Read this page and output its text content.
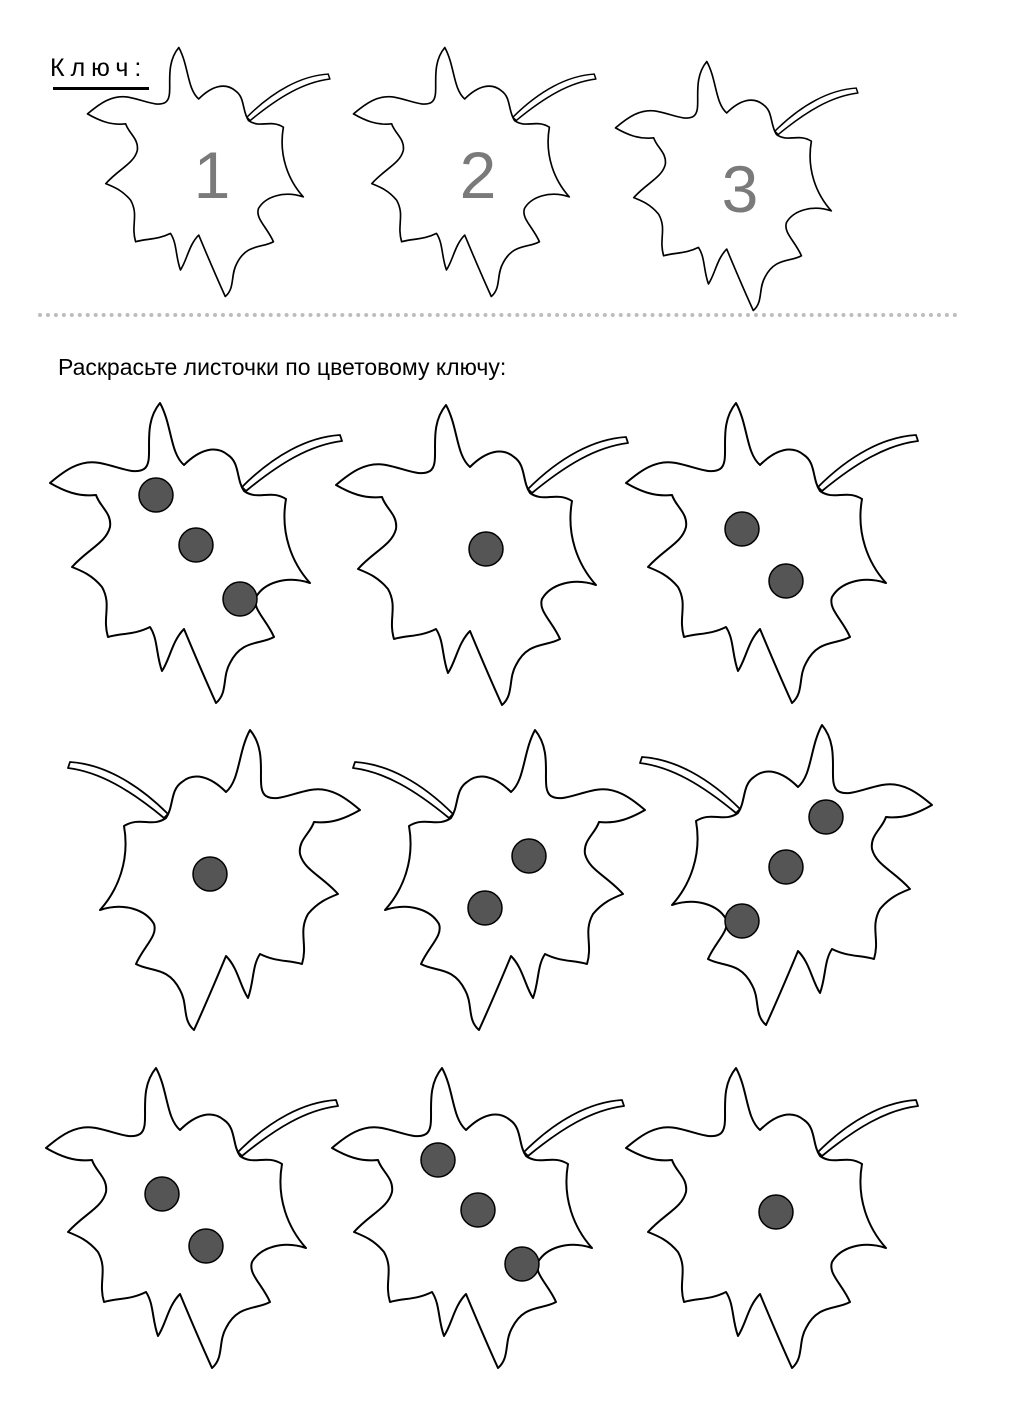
Ключ:
Раскрасьте листочки по цветовому ключу:
1	2	3
